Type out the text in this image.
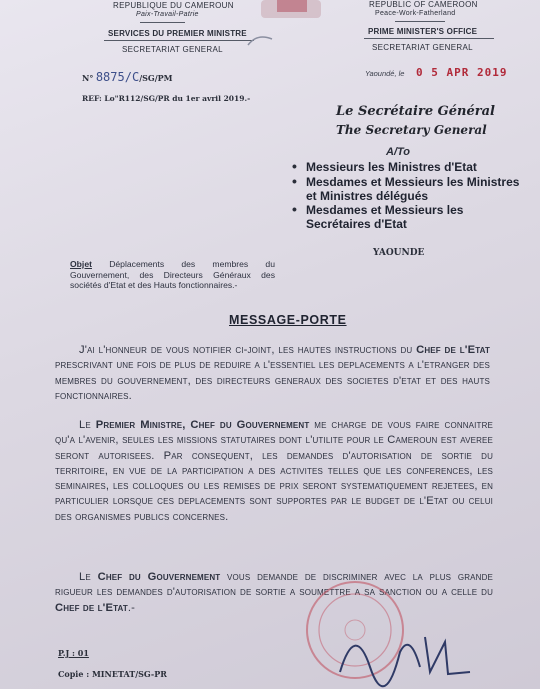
REPUBLIQUE DU CAMEROUN
Paix-Travail-Patrie
SERVICES DU PREMIER MINISTRE
SECRETARIAT GENERAL
REPUBLIC OF CAMEROON
Peace-Work-Fatherland
PRIME MINISTER'S OFFICE
SECRETARIAT GENERAL
N° 8875/C/SG/PM
REF: Lo"R112/SG/PR du 1er avril 2019.-
Yaoundé, le 0 5 APR 2019
Le Secrétaire Général
The Secretary General
A/To
• Messieurs les Ministres d'Etat
• Mesdames et Messieurs les Ministres et Ministres délégués
• Mesdames et Messieurs les Secrétaires d'Etat
YAOUNDE
Objet Déplacements des membres du Gouvernement, des Directeurs Généraux des sociétés d'Etat et des Hauts fonctionnaires.-
MESSAGE-PORTE
J'ai l'honneur de vous notifier ci-joint, les hautes instructions du Chef de l'Etat prescrivant une fois de plus de reduire a l'essentiel les deplacements a l'etranger des membres du gouvernement, des directeurs generaux des societes d'etat et des hauts fonctionnaires.
Le Premier Ministre, Chef du Gouvernement me charge de vous faire connaitre qu'a l'avenir, seules les missions statutaires dont l'utilite pour le Cameroun est averee seront autorisees. Par consequent, les demandes d'autorisation de sortie du territoire, en vue de la participation a des activites telles que les conferences, les seminaires, les colloques ou les remises de prix seront systematiquement rejetees, en particulier lorsque ces deplacements sont supportes par le budget de l'Etat ou celui des organismes publics concernes.
Le Chef du Gouvernement vous demande de discriminer avec la plus grande rigueur les demandes d'autorisation de sortie a soumettre a sa sanction ou a celle du Chef de l'Etat.-
P.J : 01
Copie : MINETAT/SG-PR
